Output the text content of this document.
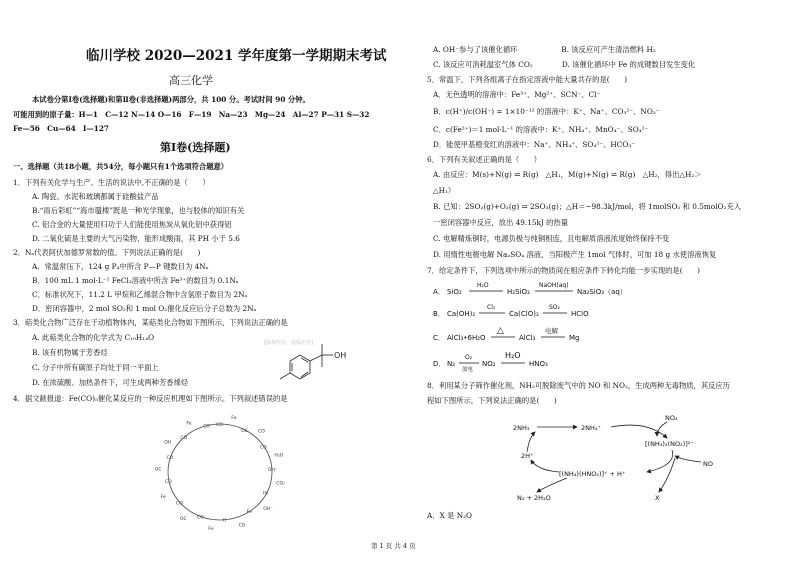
临川学校 2020—2021 学年度第一学期期末考试
高三化学
本试卷分第Ⅰ卷(选择题)和第Ⅱ卷(非选择题)两部分，共 100 分。考试时间 90 分钟。
可能用到的原子量：H—1　C—12 N—14 O—16　F—19　Na—23　Mg—24　Al—27 P—31 S—32
Fe—56　Cu—64　I—127
第Ⅰ卷(选择题)
一、选择题（共18小题，共54分，每小题只有1个选项符合题意）
1．下列有关化学与生产、生活的说法中,不正确的是（　　）
A. 陶瓷、水泥和玻璃都属于硅酸盐产品
B.“雨后彩虹”“海市蜃楼”既是一种光学现象，也与胶体的知识有关
C. 铝合金的大量使用归功于人们能使用焦炭从氧化铝中获得铝
D. 二氧化硫是主要的大气污染物，能形成酸雨，其 PH 小于 5.6
2．Nₐ代表阿伏加德罗常数的值。下列说法正确的是(　　)
A．常温常压下，124 g P₄中所含 P—P 键数目为 4Nₐ
B．100 mL 1 mol·L⁻¹ FeCl₃溶液中所含 Fe³⁺的数目为 0.1Nₐ
C．标准状况下，11.2 L 甲烷和乙烯混合物中含氢原子数目为 2Nₐ
D．密闭容器中，2 mol SO₂和 1 mol O₂催化反应后分子总数为 2Nₐ
3．萜类化合物广泛存在于动植物体内，某萜类化合物如下图所示，下列说法正确的是
A. 此萜类化合物的化学式为 C₁₀H₁₄O
B. 该有机物属于芳香烃
C. 分子中所有碳原子均处于同一平面上
D. 在浓硫酸、加热条件下，可生成两种芳香烯烃
4．据文献报道：Fe(CO)₅催化某反应的一种反应机理如下图所示。下列叙述错误的是
[版权所有，侵权必究]
OH
CO
Fe
OC CO
CO
H₂O
OH⁻
CO₂
H₂
OH⁻
Fe
CO
H
Fe
CO
OC
CO
Fe
CO
OC
CO
OH
CO
Fe
CO
A. OH⁻参与了该催化循环　　　　　　B. 该反应可产生清洁燃料 H₂
C. 该反应可消耗温室气体 CO₂　　　　D. 该催化循环中 Fe 的成键数目发生变化
5．常温下，下列各组离子在指定溶液中能大量共存的是(　　)
A．无色透明的溶液中：Fe³⁺、Mg²⁺、SCN⁻、Cl⁻
B．c(H⁺)/c(OH⁻) = 1×10⁻¹² 的溶液中：K⁺、Na⁺、CO₃²⁻、NO₃⁻
C．c(Fe²⁺)＝1 mol·L⁻¹ 的溶液中：K⁺、NH₄⁺、MnO₄⁻、SO₄²⁻
D．能使甲基橙变红的溶液中：Na⁺、NH₄⁺、SO₄²⁻、HCO₃⁻
6．下列有关叙述正确的是（　　）
A. 由反应：M(s)+N(g) ⇌ R(g)　△H₁，M(g)+N(g) ⇌ R(g)　△H₂，得出△H₂＞
△H₁）
B. 已知：2SO₂(g)+O₂(g) ⇌ 2SO₃(g)；△H＝−98.3kJ/mol，将 1molSO₂ 和 0.5molO₂充入
一密闭容器中反应，放出 49.15kJ 的热量
C. 电解精炼铜时，电源负极与纯铜相连，且电解质溶液浓度始终保持不变
D. 用惰性电极电解 Na₂SO₄ 溶液，当阳极产生 1mol 气体时，可加 18 g 水使溶液恢复
7．给定条件下，下列选项中所示的物质间在相应条件下转化均能一步实现的是(　　)
A． SiO₂
H₂O
H₂SiO₃
NaOH(aq)
Na₂SiO₃（aq）
B． Ca(OH)₂
Cl₂
Ca(ClO)₂
SO₂
HClO
C． AlCl₃•6H₂O
△
AlCl₃
电解
Mg
D． N₂
O₂
放电
NO₂
H₂O
HNO₃
8．利用某分子筛作催化剂，NH₃可脱除废气中的 NO 和 NO₂，生成两种无毒物质，其反应历
程如下图所示，下列说法正确的是(　　)
2NH₃	2NH₄⁺
2H⁺
NO₂
[(NH₄)₂(NO₂)]²⁺
NO
[(NH₄)(HNO₂)]⁺ + H⁺
N₂ + 2H₂O	X
A．X 是 N₂O
第 1 页 共 4 页
